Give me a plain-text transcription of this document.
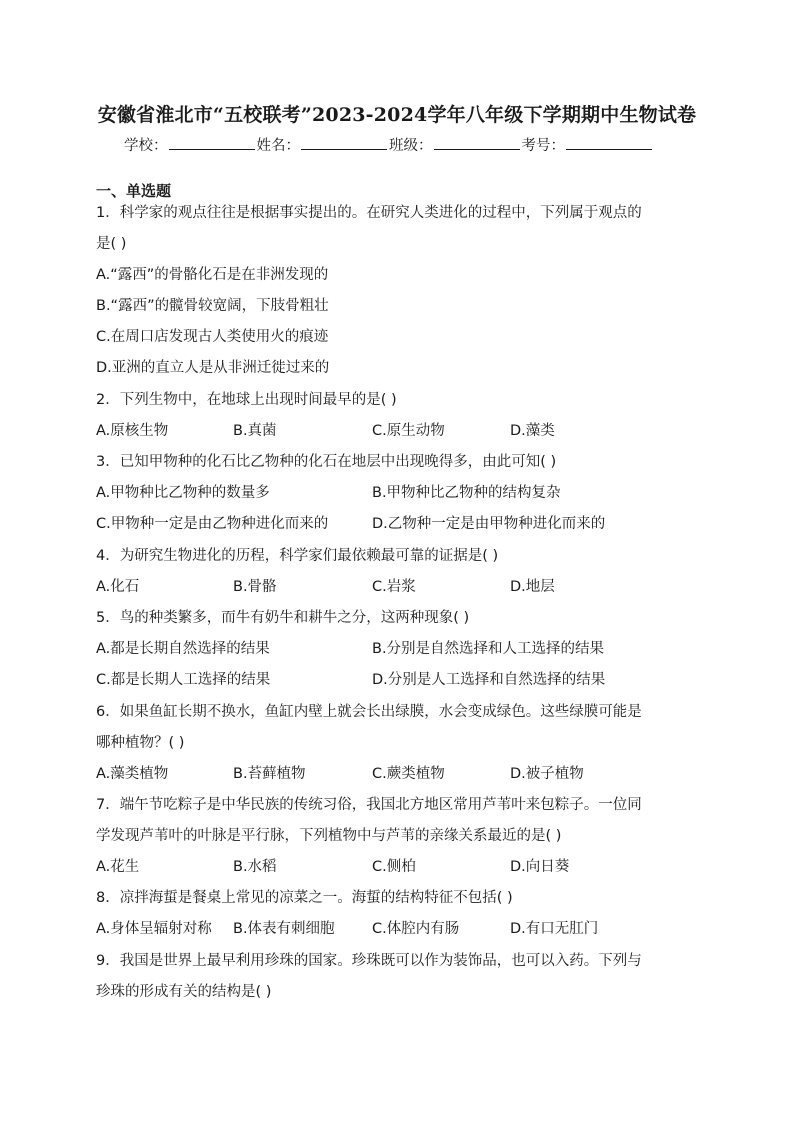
安徽省淮北市“五校联考”2023-2024学年八年级下学期期中生物试卷
学校：	姓名：	班级：	考号：
一、单选题
1．科学家的观点往往是根据事实提出的。在研究人类进化的过程中，下列属于观点的
是( )
A.“露西”的骨骼化石是在非洲发现的
B.“露西”的髋骨较宽阔，下肢骨粗壮
C.在周口店发现古人类使用火的痕迹
D.亚洲的直立人是从非洲迁徙过来的
2．下列生物中，在地球上出现时间最早的是( )
A.原核生物	B.真菌	C.原生动物	D.藻类
3．已知甲物种的化石比乙物种的化石在地层中出现晚得多，由此可知( )
A.甲物种比乙物种的数量多	B.甲物种比乙物种的结构复杂
C.甲物种一定是由乙物种进化而来的	D.乙物种一定是由甲物种进化而来的
4．为研究生物进化的历程，科学家们最依赖最可靠的证据是( )
A.化石	B.骨骼	C.岩浆	D.地层
5．鸟的种类繁多，而牛有奶牛和耕牛之分，这两种现象( )
A.都是长期自然选择的结果	B.分别是自然选择和人工选择的结果
C.都是长期人工选择的结果	D.分别是人工选择和自然选择的结果
6．如果鱼缸长期不换水，鱼缸内壁上就会长出绿膜，水会变成绿色。这些绿膜可能是
哪种植物？( )
A.藻类植物	B.苔藓植物	C.蕨类植物	D.被子植物
7．端午节吃粽子是中华民族的传统习俗，我国北方地区常用芦苇叶来包粽子。一位同
学发现芦苇叶的叶脉是平行脉，下列植物中与芦苇的亲缘关系最近的是( )
A.花生	B.水稻	C.侧柏	D.向日葵
8．凉拌海蜇是餐桌上常见的凉菜之一。海蜇的结构特征不包括( )
A.身体呈辐射对称 B.体表有刺细胞	C.体腔内有肠	D.有口无肛门
9．我国是世界上最早利用珍珠的国家。珍珠既可以作为装饰品，也可以入药。下列与
珍珠的形成有关的结构是( )
